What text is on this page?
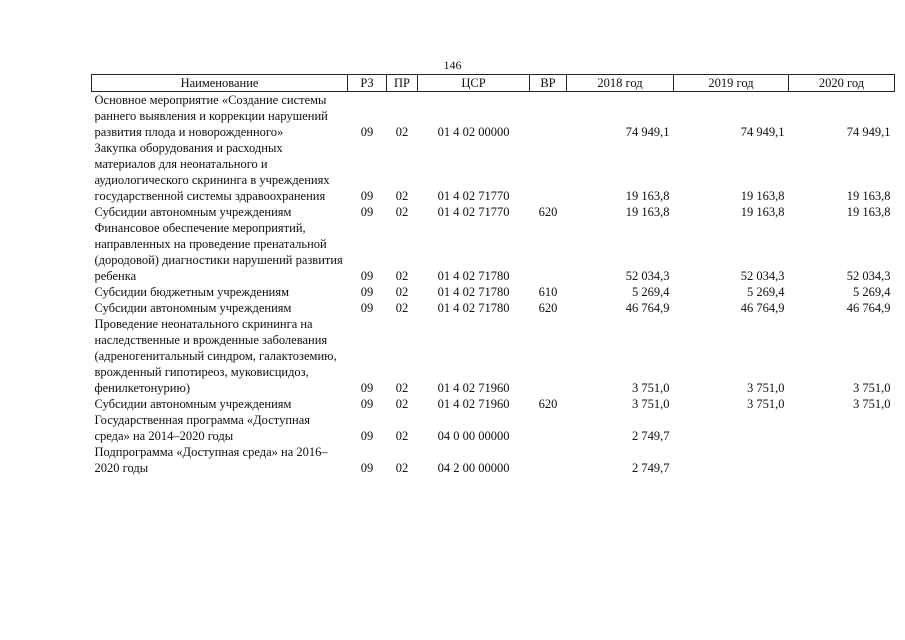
146
Наименование	РЗ	ПР	ЦСР	ВР	2018 год	2019 год	2020 год
Основное мероприятие «Создание системы раннего выявления и коррекции нарушений развития плода и новорожденного»	09	02	01 4 02 00000		74 949,1	74 949,1	74 949,1
Закупка оборудования и расходных материалов для неонатального и аудиологического скрининга в учреждениях государственной системы здравоохранения	09	02	01 4 02 71770		19 163,8	19 163,8	19 163,8
Субсидии автономным учреждениям	09	02	01 4 02 71770	620	19 163,8	19 163,8	19 163,8
Финансовое обеспечение мероприятий, направленных на проведение пренатальной (дородовой) диагностики нарушений развития ребенка	09	02	01 4 02 71780		52 034,3	52 034,3	52 034,3
Субсидии бюджетным учреждениям	09	02	01 4 02 71780	610	5 269,4	5 269,4	5 269,4
Субсидии автономным учреждениям	09	02	01 4 02 71780	620	46 764,9	46 764,9	46 764,9
Проведение неонатального скрининга на наследственные и врожденные заболевания (адреногенитальный синдром, галактоземию, врожденный гипотиреоз, муковисцидоз, фенилкетонурию)	09	02	01 4 02 71960		3 751,0	3 751,0	3 751,0
Субсидии автономным учреждениям	09	02	01 4 02 71960	620	3 751,0	3 751,0	3 751,0
Государственная программа «Доступная среда» на 2014–2020 годы	09	02	04 0 00 00000		2 749,7		
Подпрограмма «Доступная среда» на 2016–2020 годы	09	02	04 2 00 00000		2 749,7		
